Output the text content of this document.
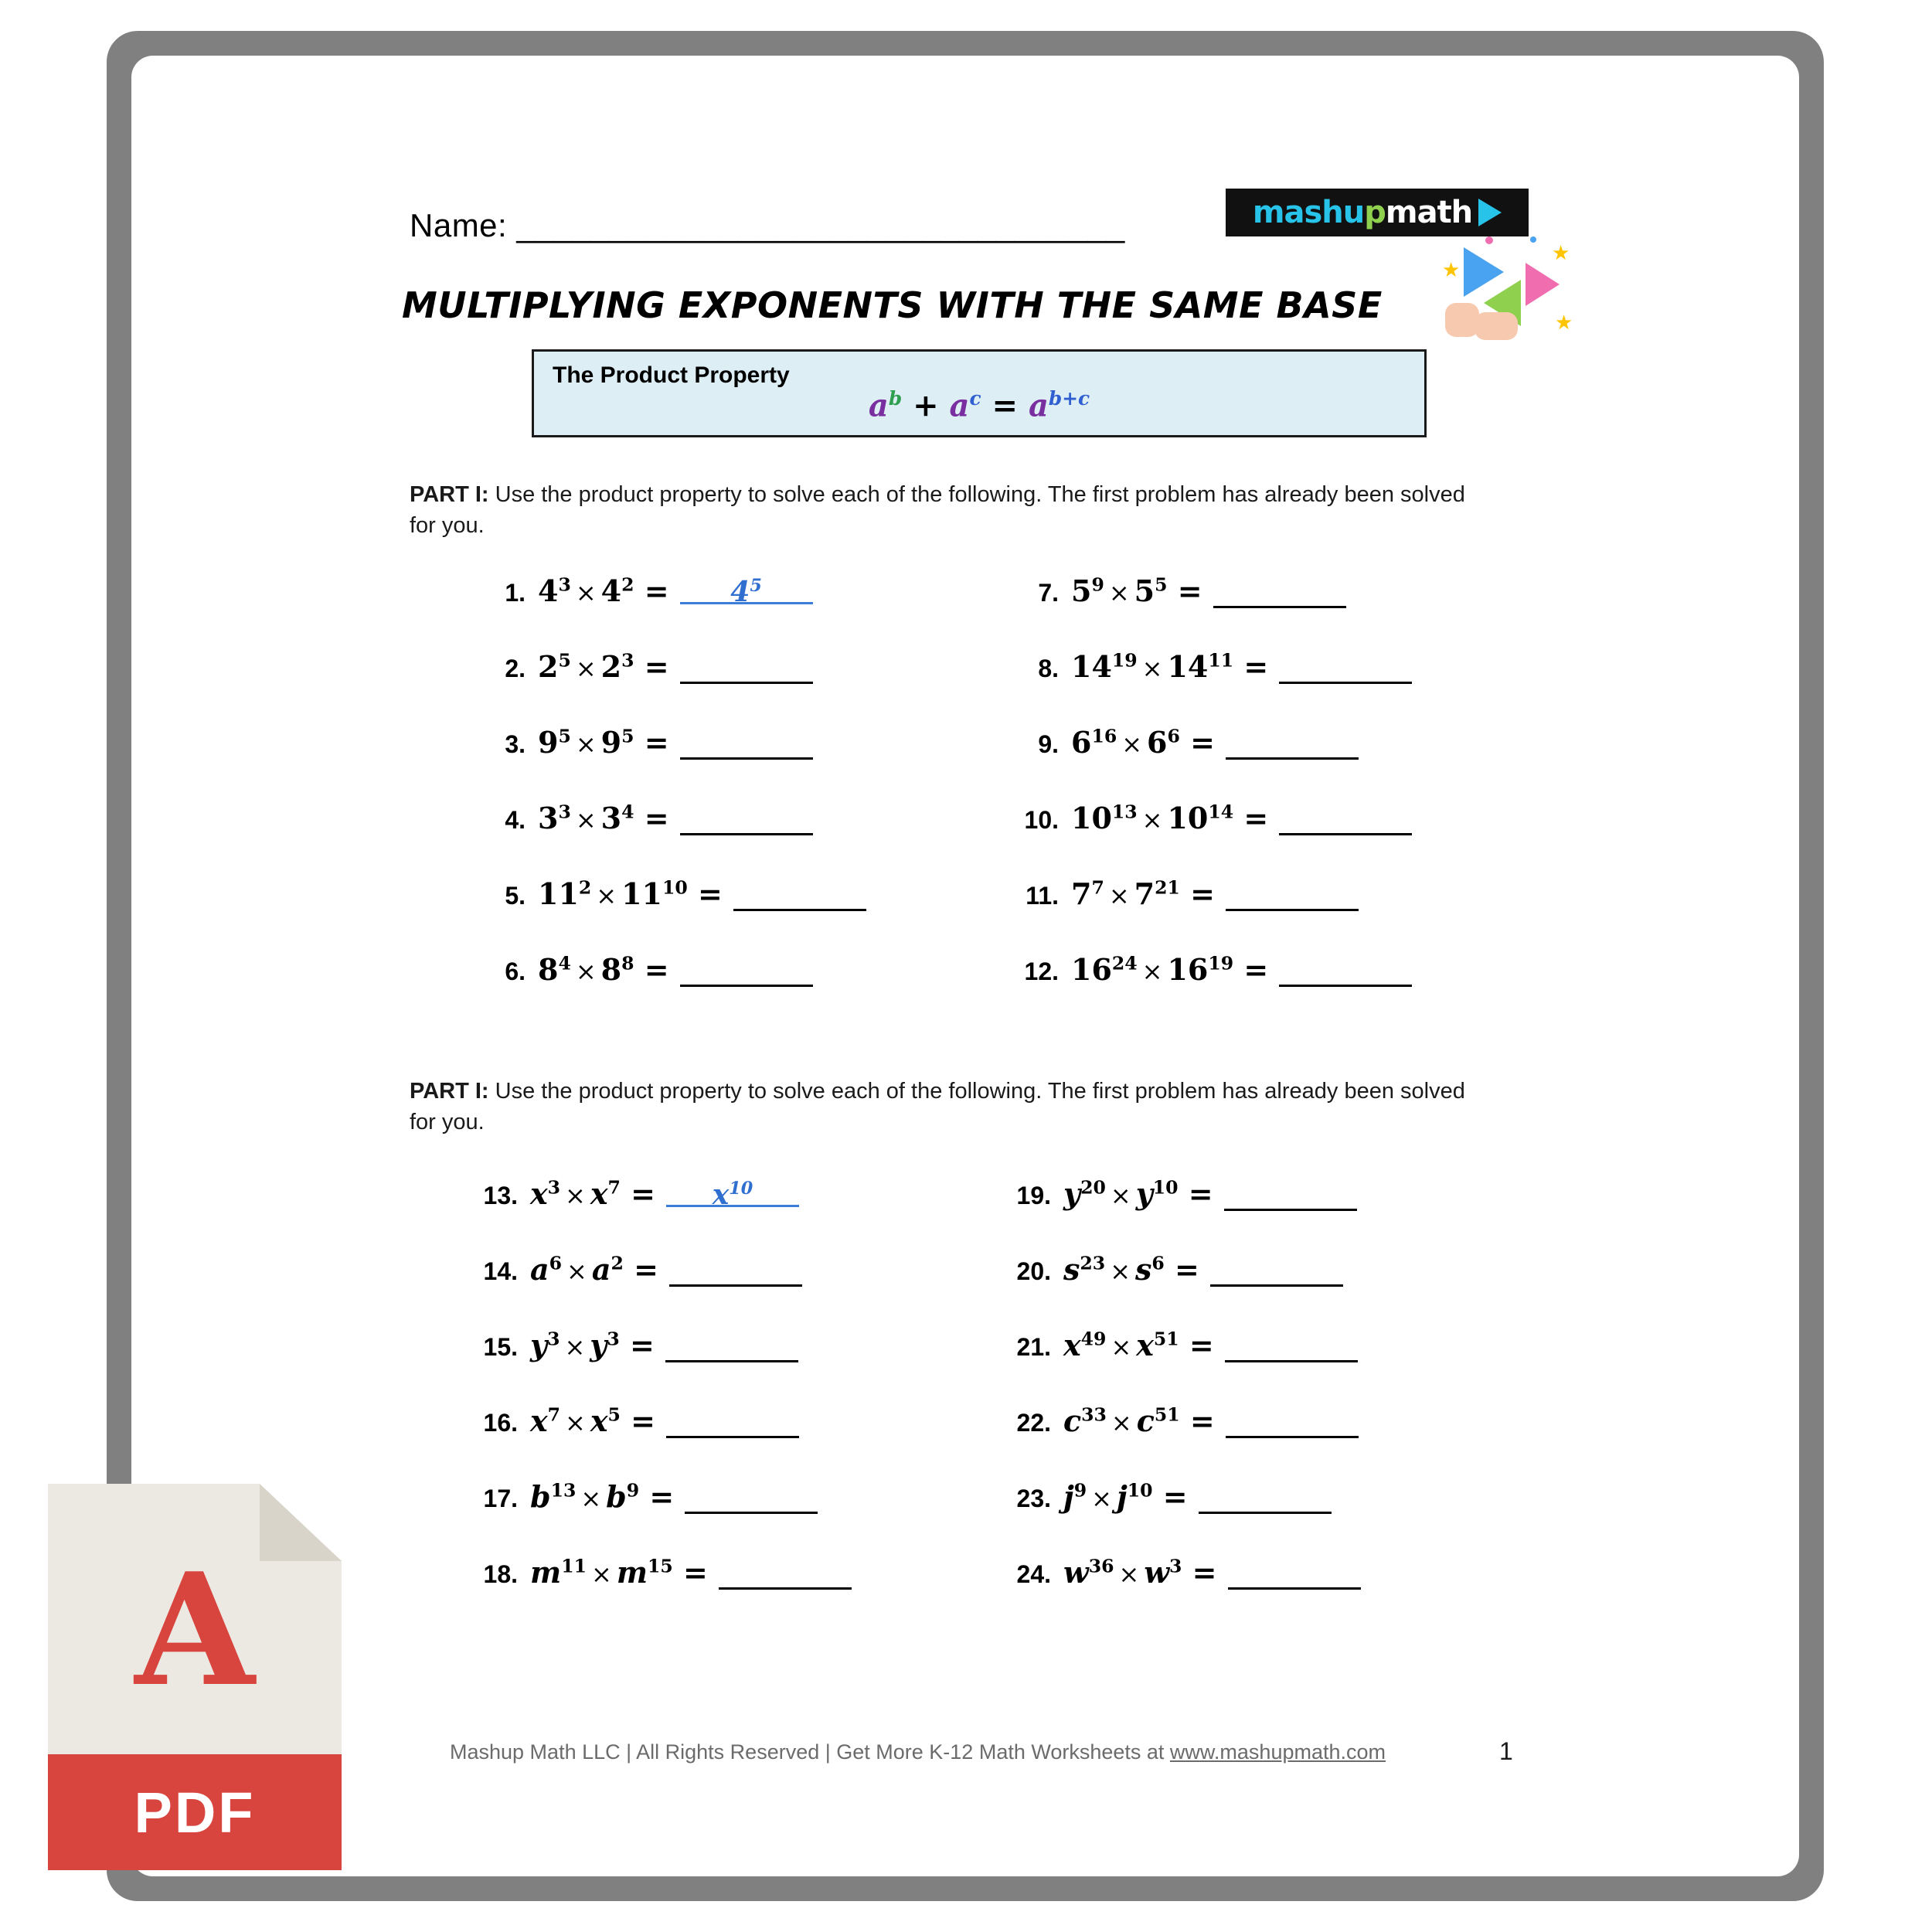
Name: _________________________________
MULTIPLYING EXPONENTS WITH THE SAME BASE
mashu p math
★
★
★
The Product Property
$a^b + a^c = a^{b+c}$
PART I: Use the product property to solve each of the following. The first problem has already been solved for you.
PART I: Use the product property to solve each of the following. The first problem has already been solved for you.
1. $4^3 \times 4^2 = 4^5$
2. $2^5 \times 2^3$ =
3. $9^5 \times 9^5$ =
4. $3^3 \times 3^4$ =
5. $11^2 \times 11^{10}$ =
6. $8^4 \times 8^8$ =
7. $5^9 \times 5^5$ =
8. $14^{19} \times 14^{11}$ =
9. $6^{16} \times 6^6$ =
10. $10^{13} \times 10^{14}$ =
11. $7^7 \times 7^{21}$ =
12. $16^{24} \times 16^{19}$ =
13. $x^3 \times x^7 = x^{10}$
14. $a^6 \times a^2$ =
15. $y^3 \times y^3$ =
16. $x^7 \times x^5$ =
17. $b^{13} \times b^9$ =
18. $m^{11} \times m^{15}$ =
19. $y^{20} \times y^{10}$ =
20. $s^{23} \times s^6$ =
21. $x^{49} \times x^{51}$ =
22. $c^{33} \times c^{51}$ =
23. $j^9 \times j^{10}$ =
24. $w^{36} \times w^3$ =
Mashup Math LLC | All Rights Reserved | Get More K-12 Math Worksheets at www.mashupmath.com	1
A
PDF
